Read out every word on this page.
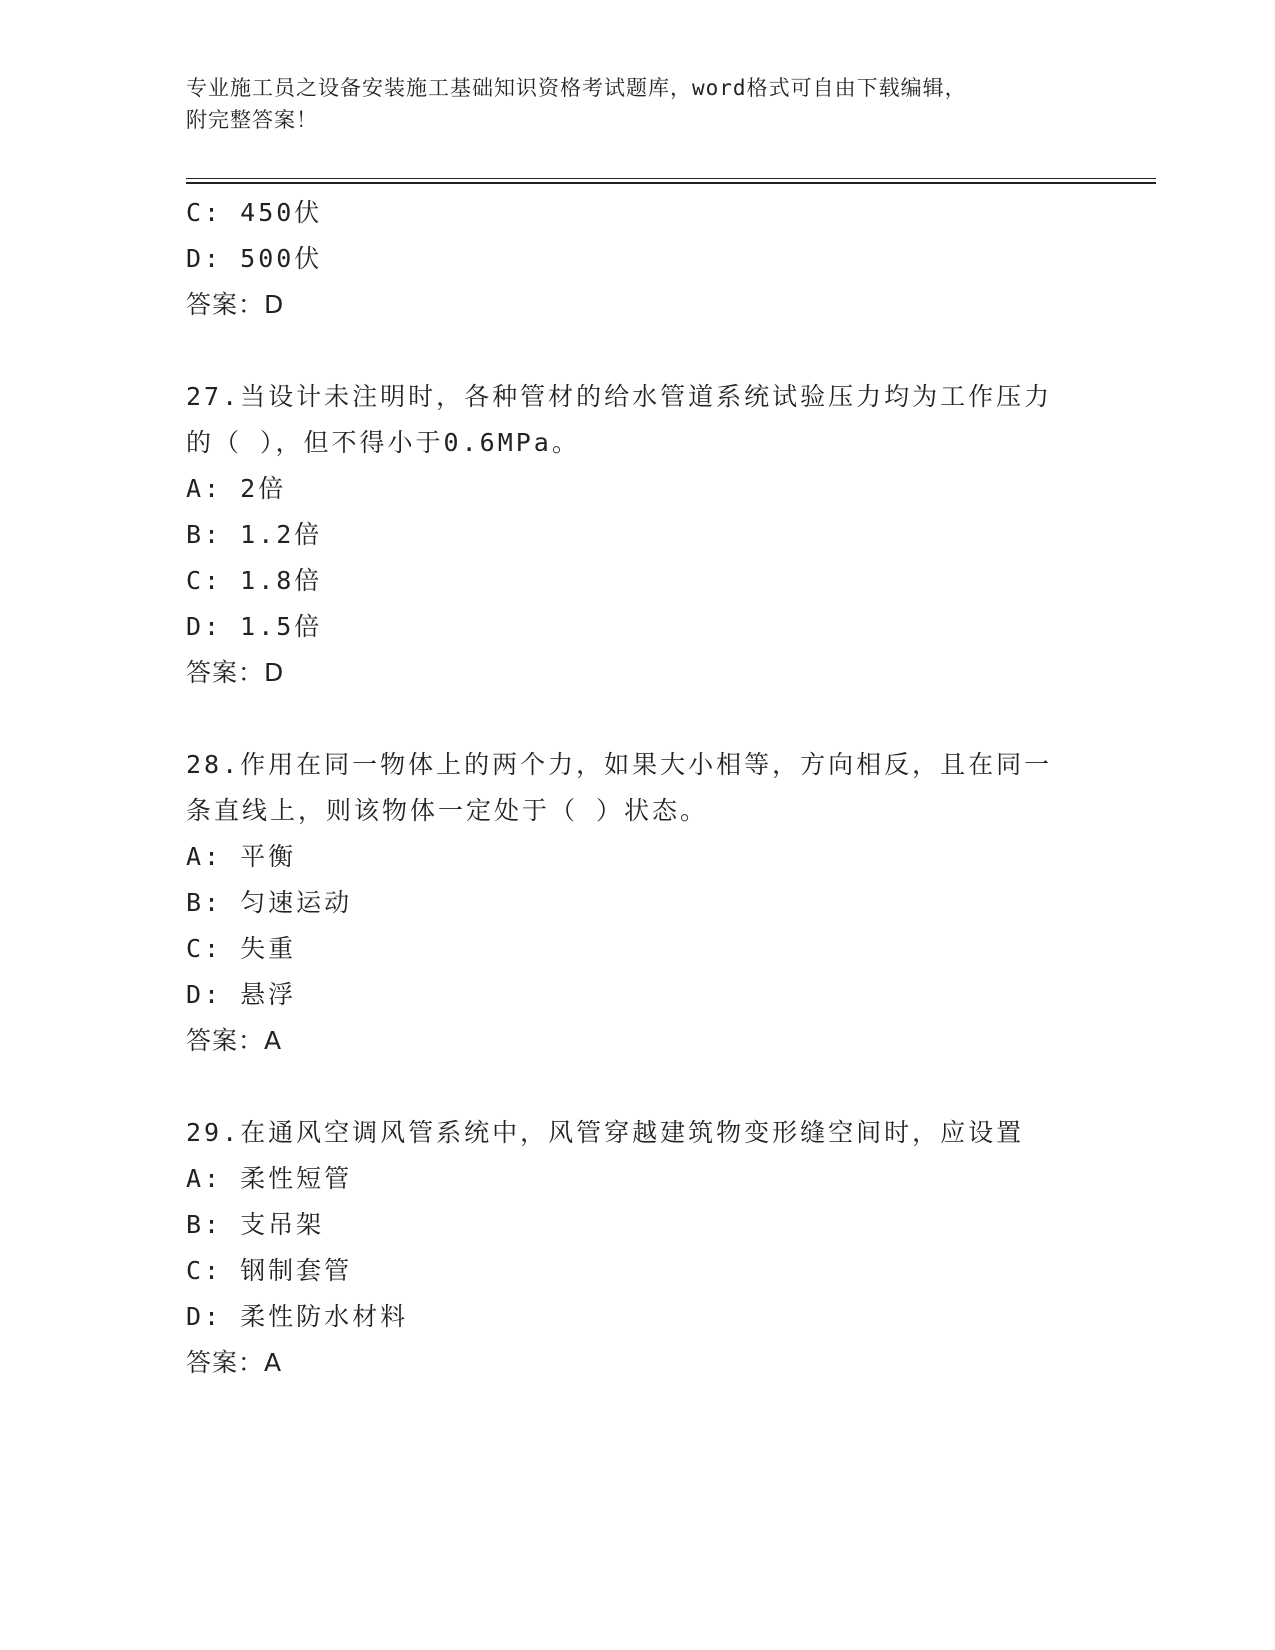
专业施工员之设备安装施工基础知识资格考试题库，word格式可自由下载编辑，
附完整答案！
C: 450伏
D: 500伏
答案：D
27.当设计未注明时，各种管材的给水管道系统试验压力均为工作压力
的（ ），但不得小于0.6MPa。
A: 2倍
B: 1.2倍
C: 1.8倍
D: 1.5倍
答案：D
28.作用在同一物体上的两个力，如果大小相等，方向相反，且在同一
条直线上，则该物体一定处于（ ）状态。
A: 平衡
B: 匀速运动
C: 失重
D: 悬浮
答案：A
29.在通风空调风管系统中，风管穿越建筑物变形缝空间时，应设置
A: 柔性短管
B: 支吊架
C: 钢制套管
D: 柔性防水材料
答案：A
